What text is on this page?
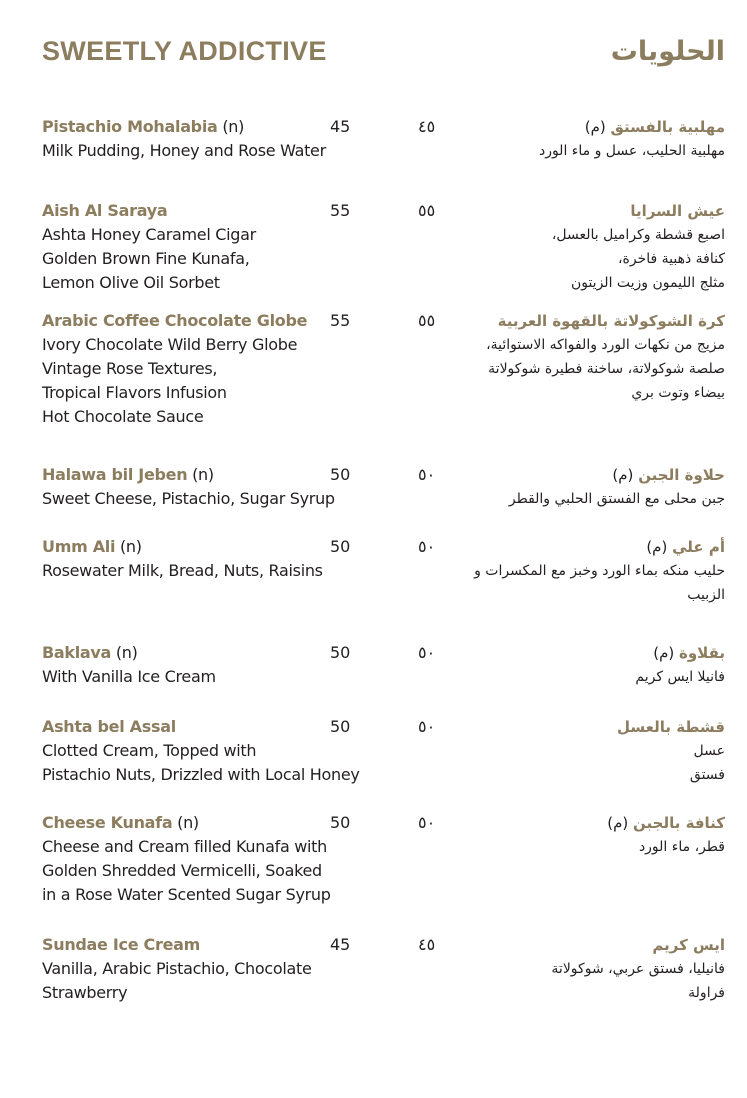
SWEETLY ADDICTIVE	الحلويات
Pistachio Mohalabia (n)
Milk Pudding, Honey and Rose Water
45	٤٥	مهلبية بالفستق (م)
مهلبية الحليب، عسل و ماء الورد
Aish Al Saraya
Ashta Honey Caramel Cigar
Golden Brown Fine Kunafa,
Lemon Olive Oil Sorbet
55	٥٥	عيش السرايا
اصبع قشطة وكراميل بالعسل،
كنافة ذهبية فاخرة،
مثلج الليمون وزيت الزيتون
Arabic Coffee Chocolate Globe
Ivory Chocolate Wild Berry Globe
Vintage Rose Textures,
Tropical Flavors Infusion
Hot Chocolate Sauce
55	٥٥	كرة الشوكولاتة بالقهوة العربية
مزيج من نكهات الورد والفواكه الاستوائية،
صلصة شوكولاتة، ساخنة فطيرة شوكولاتة
بيضاء وتوت بري
Halawa bil Jeben (n)
Sweet Cheese, Pistachio, Sugar Syrup
50	٥٠	حلاوة الجبن (م)
جبن محلى مع الفستق الحلبي والقطر
Umm Ali (n)
Rosewater Milk, Bread, Nuts, Raisins
50	٥٠	أم علي (م)
حليب منكه بماء الورد وخبز مع المكسرات و
الزبيب
Baklava (n)
With Vanilla Ice Cream
50	٥٠	بقلاوة (م)
فانيلا ايس كريم
Ashta bel Assal
Clotted Cream, Topped with
Pistachio Nuts, Drizzled with Local Honey
50	٥٠	قشطة بالعسل
عسل
فستق
Cheese Kunafa (n)
Cheese and Cream filled Kunafa with
Golden Shredded Vermicelli, Soaked
in a Rose Water Scented Sugar Syrup
50	٥٠	كنافة بالجبن (م)
قطر، ماء الورد
Sundae Ice Cream
Vanilla, Arabic Pistachio, Chocolate
Strawberry
45	٤٥	ايس كريم
فانيليا، فستق عربي، شوكولاتة
فراولة
